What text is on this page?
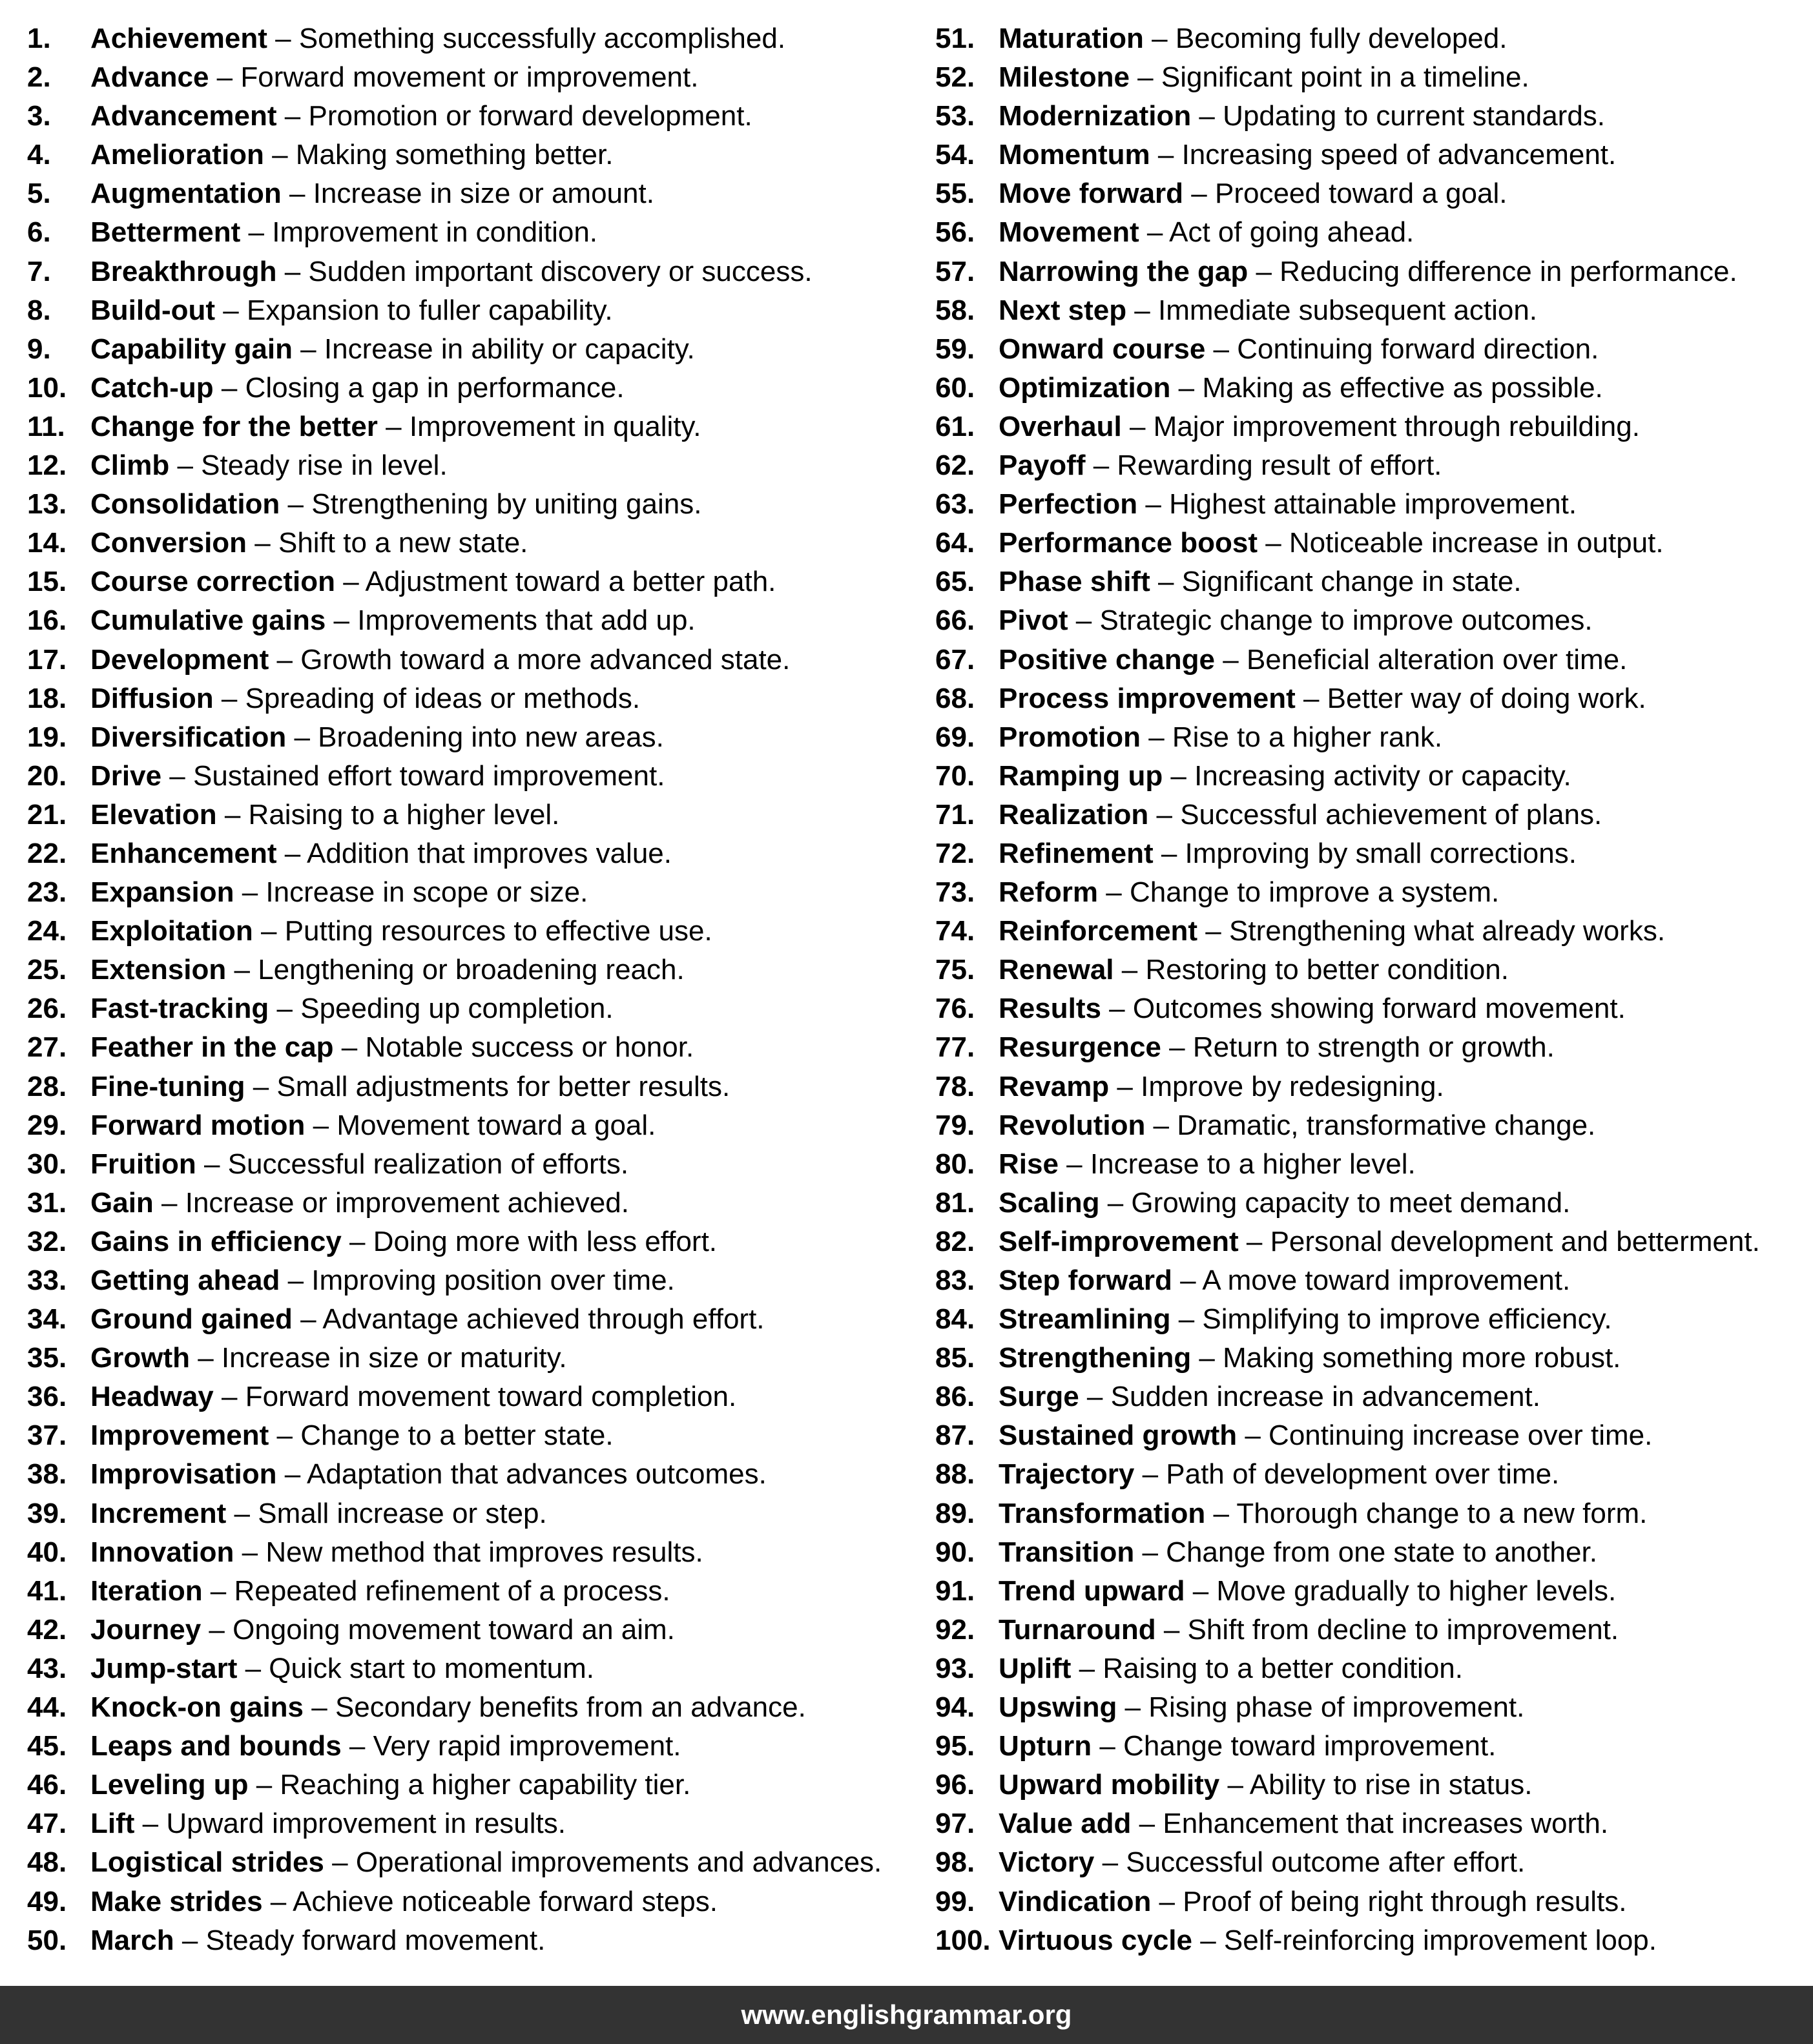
1. Achievement – Something successfully accomplished.
2. Advance – Forward movement or improvement.
3. Advancement – Promotion or forward development.
4. Amelioration – Making something better.
5. Augmentation – Increase in size or amount.
6. Betterment – Improvement in condition.
7. Breakthrough – Sudden important discovery or success.
8. Build-out – Expansion to fuller capability.
9. Capability gain – Increase in ability or capacity.
10. Catch-up – Closing a gap in performance.
11. Change for the better – Improvement in quality.
12. Climb – Steady rise in level.
13. Consolidation – Strengthening by uniting gains.
14. Conversion – Shift to a new state.
15. Course correction – Adjustment toward a better path.
16. Cumulative gains – Improvements that add up.
17. Development – Growth toward a more advanced state.
18. Diffusion – Spreading of ideas or methods.
19. Diversification – Broadening into new areas.
20. Drive – Sustained effort toward improvement.
21. Elevation – Raising to a higher level.
22. Enhancement – Addition that improves value.
23. Expansion – Increase in scope or size.
24. Exploitation – Putting resources to effective use.
25. Extension – Lengthening or broadening reach.
26. Fast-tracking – Speeding up completion.
27. Feather in the cap – Notable success or honor.
28. Fine-tuning – Small adjustments for better results.
29. Forward motion – Movement toward a goal.
30. Fruition – Successful realization of efforts.
31. Gain – Increase or improvement achieved.
32. Gains in efficiency – Doing more with less effort.
33. Getting ahead – Improving position over time.
34. Ground gained – Advantage achieved through effort.
35. Growth – Increase in size or maturity.
36. Headway – Forward movement toward completion.
37. Improvement – Change to a better state.
38. Improvisation – Adaptation that advances outcomes.
39. Increment – Small increase or step.
40. Innovation – New method that improves results.
41. Iteration – Repeated refinement of a process.
42. Journey – Ongoing movement toward an aim.
43. Jump-start – Quick start to momentum.
44. Knock-on gains – Secondary benefits from an advance.
45. Leaps and bounds – Very rapid improvement.
46. Leveling up – Reaching a higher capability tier.
47. Lift – Upward improvement in results.
48. Logistical strides – Operational improvements and advances.
49. Make strides – Achieve noticeable forward steps.
50. March – Steady forward movement.
51. Maturation – Becoming fully developed.
52. Milestone – Significant point in a timeline.
53. Modernization – Updating to current standards.
54. Momentum – Increasing speed of advancement.
55. Move forward – Proceed toward a goal.
56. Movement – Act of going ahead.
57. Narrowing the gap – Reducing difference in performance.
58. Next step – Immediate subsequent action.
59. Onward course – Continuing forward direction.
60. Optimization – Making as effective as possible.
61. Overhaul – Major improvement through rebuilding.
62. Payoff – Rewarding result of effort.
63. Perfection – Highest attainable improvement.
64. Performance boost – Noticeable increase in output.
65. Phase shift – Significant change in state.
66. Pivot – Strategic change to improve outcomes.
67. Positive change – Beneficial alteration over time.
68. Process improvement – Better way of doing work.
69. Promotion – Rise to a higher rank.
70. Ramping up – Increasing activity or capacity.
71. Realization – Successful achievement of plans.
72. Refinement – Improving by small corrections.
73. Reform – Change to improve a system.
74. Reinforcement – Strengthening what already works.
75. Renewal – Restoring to better condition.
76. Results – Outcomes showing forward movement.
77. Resurgence – Return to strength or growth.
78. Revamp – Improve by redesigning.
79. Revolution – Dramatic, transformative change.
80. Rise – Increase to a higher level.
81. Scaling – Growing capacity to meet demand.
82. Self-improvement – Personal development and betterment.
83. Step forward – A move toward improvement.
84. Streamlining – Simplifying to improve efficiency.
85. Strengthening – Making something more robust.
86. Surge – Sudden increase in advancement.
87. Sustained growth – Continuing increase over time.
88. Trajectory – Path of development over time.
89. Transformation – Thorough change to a new form.
90. Transition – Change from one state to another.
91. Trend upward – Move gradually to higher levels.
92. Turnaround – Shift from decline to improvement.
93. Uplift – Raising to a better condition.
94. Upswing – Rising phase of improvement.
95. Upturn – Change toward improvement.
96. Upward mobility – Ability to rise in status.
97. Value add – Enhancement that increases worth.
98. Victory – Successful outcome after effort.
99. Vindication – Proof of being right through results.
100. Virtuous cycle – Self-reinforcing improvement loop.
www.englishgrammar.org
